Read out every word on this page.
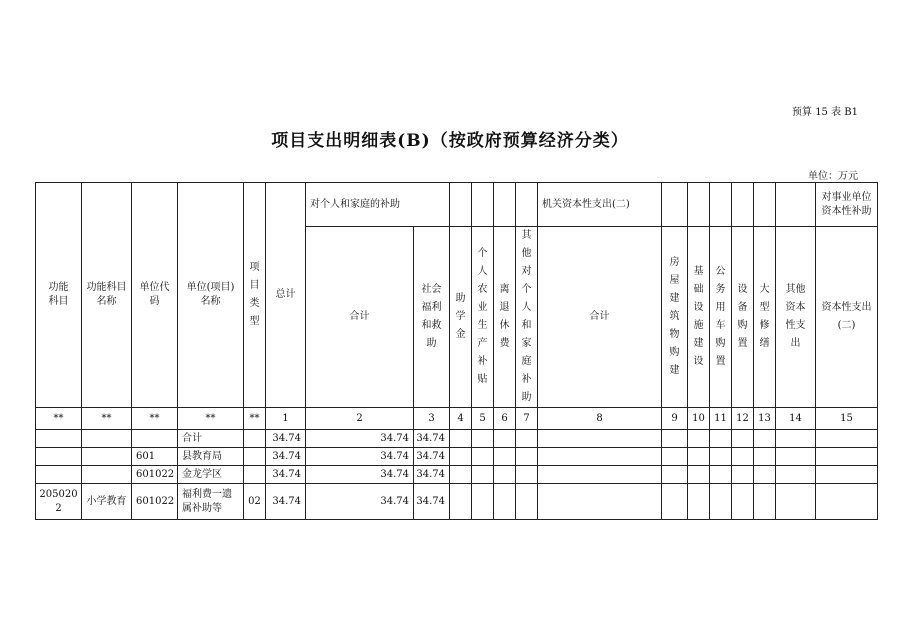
预算 15 表 B1
项目支出明细表(B)（按政府预算经济分类）
单位：万元
功能科目	功能科目名称	单位代码	单位(项目)名称	项目类型	总计	对个人和家庭的补助						机关资本性支出(二)							对事业单位资本性补助
						合计	社会福利和救助	助学金	个人农业生产补贴	离退休费	其他对个人和家庭补助	合计	房屋建筑物购建	基础设施建设	公务用车购置	设备购置	大型修缮	其他资本性支出	资本性支出(二)
**	**	**	**	**	1	2	3	4	5	6	7	8	9	10	11	12	13	14	15
			合计		34.74	34.74	34.74												
		601	县教育局		34.74	34.74	34.74												
		601022	金龙学区		34.74	34.74	34.74												
2050202	小学教育	601022	福利费一遗属补助等	02	34.74	34.74	34.74												
